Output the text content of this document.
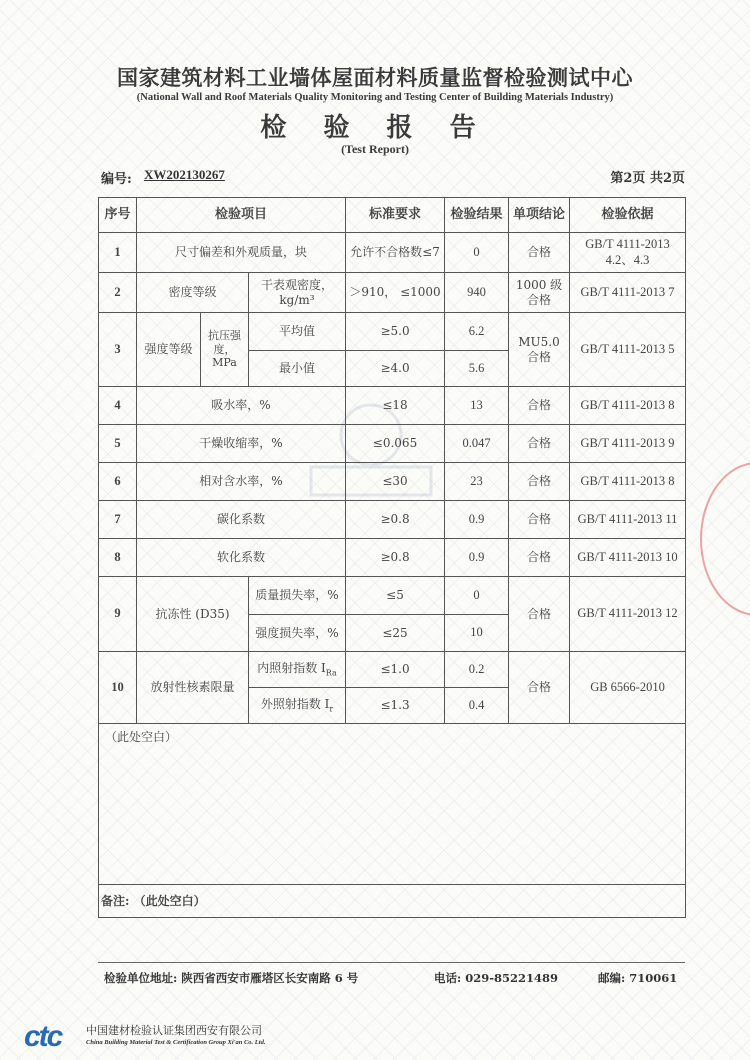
国家建筑材料工业墙体屋面材料质量监督检验测试中心
(National Wall and Roof Materials Quality Monitoring and Testing Center of Building Materials Industry)
检 验 报 告
(Test Report)
编号: XW202130267	第2页 共2页
序号	检验项目			标准要求	检验结果	单项结论	检验依据
1	尺寸偏差和外观质量，块			允许不合格数≤7	0	合格	GB/T 4111-2013 4.2、4.3
2	密度等级		干表观密度，kg/m³	＞910， ≤1000	940	1000 级 合格	GB/T 4111-2013 7
3	强度等级	抗压强度，MPa	平均值	≥5.0	6.2	MU5.0 合格	GB/T 4111-2013 5
			最小值	≥4.0	5.6		
4	吸水率，%			≤18	13	合格	GB/T 4111-2013 8
5	干燥收缩率，%			≤0.065	0.047	合格	GB/T 4111-2013 9
6	相对含水率，%			≤30	23	合格	GB/T 4111-2013 8
7	碳化系数			≥0.8	0.9	合格	GB/T 4111-2013 11
8	软化系数			≥0.8	0.9	合格	GB/T 4111-2013 10
9	抗冻性 (D35)		质量损失率，%	≤5	0	合格	GB/T 4111-2013 12
			强度损失率，%	≤25	10		
10	放射性核素限量		内照射指数 $I_{Ra}$	≤1.0	0.2	合格	GB 6566-2010
			外照射指数 $I_r$	≤1.3	0.4		
（此处空白）							
备注: （此处空白）							
检验单位地址: 陕西省西安市雁塔区长安南路 6 号	电话: 029-85221489	邮编: 710061
ctc 中国建材检验认证集团西安有限公司
China Building Material Test & Certification Group Xi'an Co. Ltd.
